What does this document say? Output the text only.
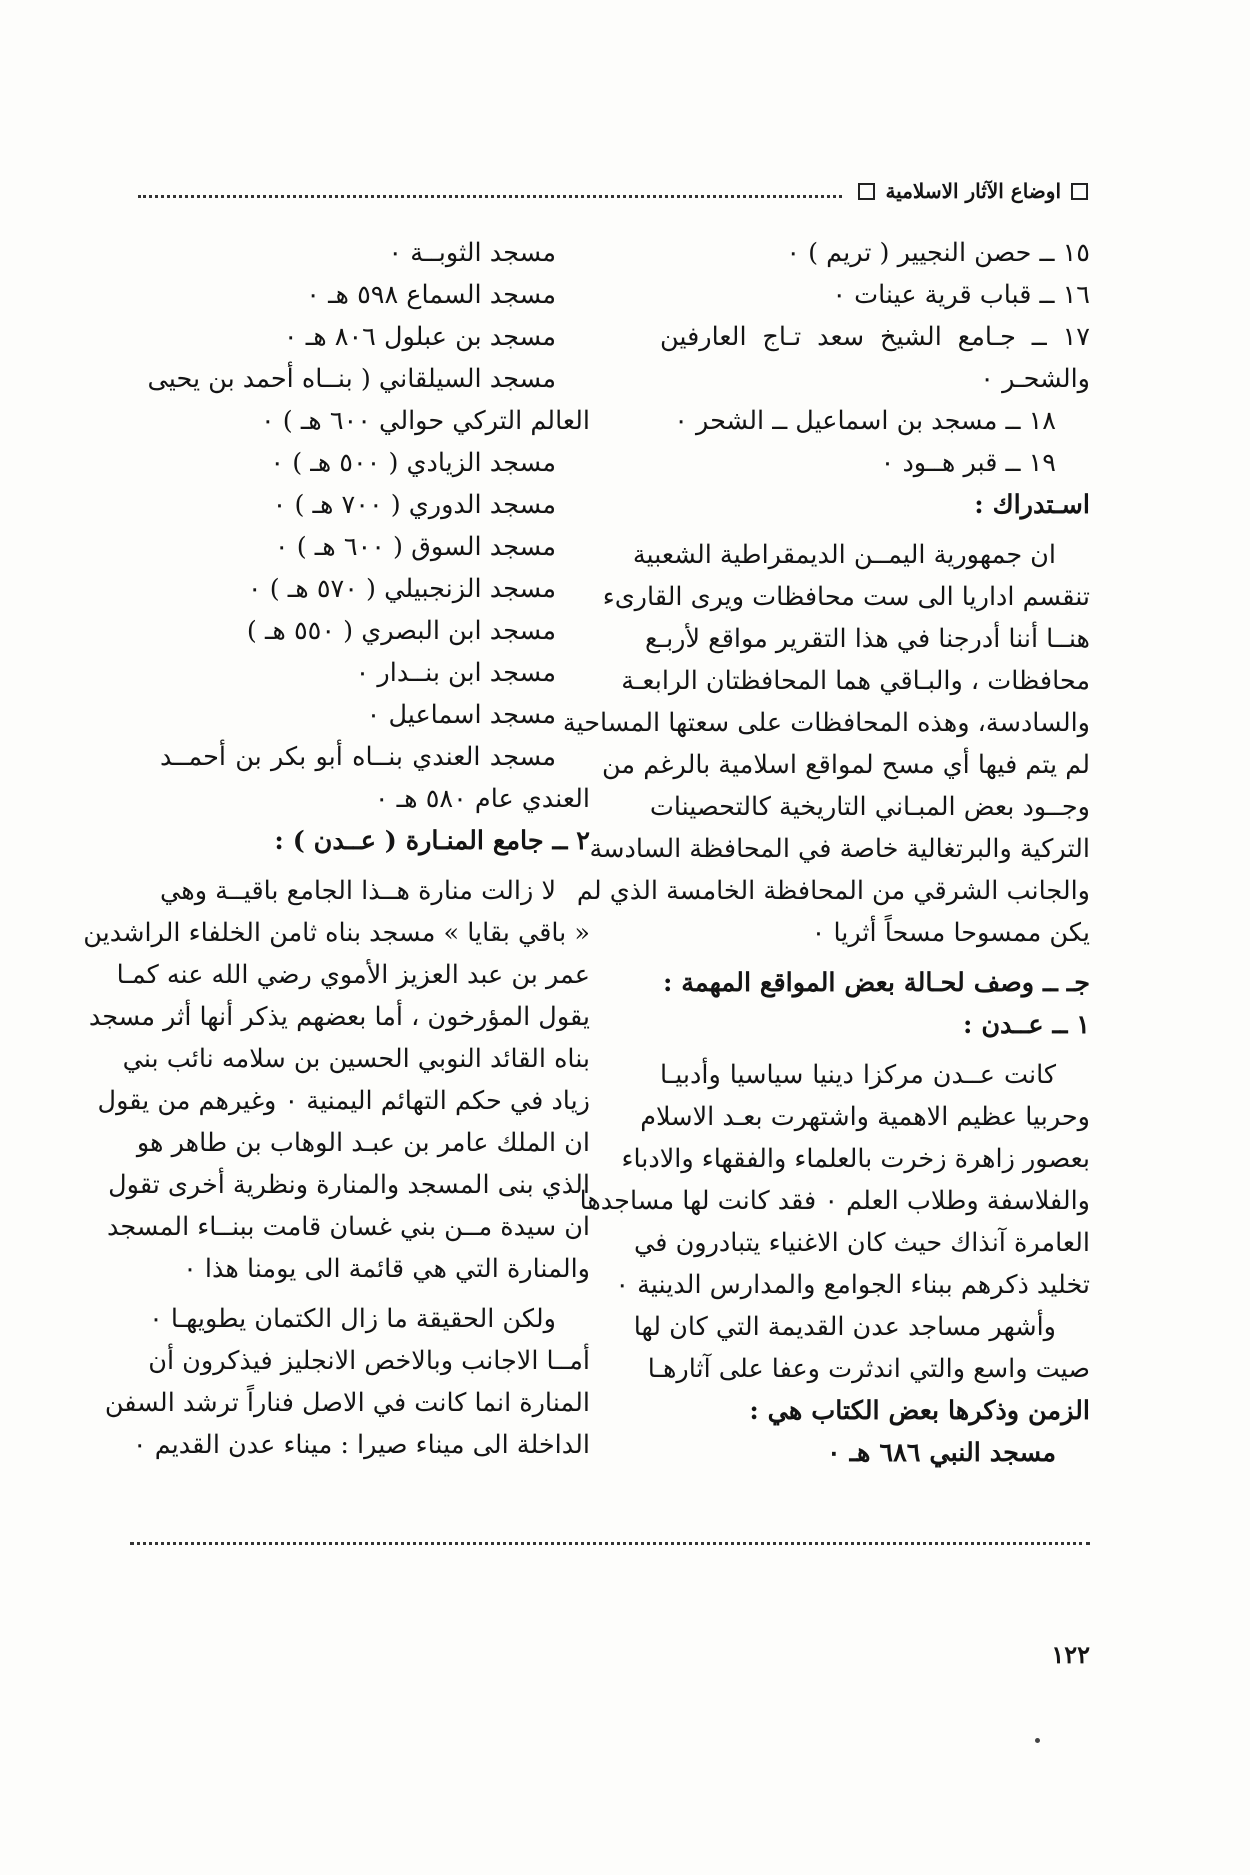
اوضاع الآثار الاسلامية
١٥ ــ حصن النجيير ( تريم ) ٠
١٦ ــ قباب قرية عينات ٠
١٧ ــ جـامع الشيخ سعد تـاج العارفين
والشحـر ٠
١٨ ــ مسجد بن اسماعيل ــ الشحر ٠
١٩ ــ قبر هــود ٠
اسـتدراك :
ان جمهورية اليمــن الديمقراطية الشعبية
تنقسم اداريا الى ست محافظات ويرى القارىء
هنــا أننا أدرجنا في هذا التقرير مواقع لأربـع
محافظات ، والبـاقي هما المحافظتان الرابعـة
والسادسة، وهذه المحافظات على سعتها المساحية
لم يتم فيها أي مسح لمواقع اسلامية بالرغم من
وجــود بعض المبـاني التاريخية كالتحصينات
التركية والبرتغالية خاصة في المحافظة السادسة
والجانب الشرقي من المحافظة الخامسة الذي لم
يكن ممسوحا مسحاً أثريا ٠
جـ ــ وصف لحـالة بعض المواقع المهمة :
١ ــ عــدن :
كانت عــدن مركزا دينيا سياسيا وأدبيـا
وحربيا عظيم الاهمية واشتهرت بعـد الاسلام
بعصور زاهرة زخرت بالعلماء والفقهاء والادباء
والفلاسفة وطلاب العلم ٠ فقد كانت لها مساجدها
العامرة آنذاك حيث كان الاغنياء يتبادرون في
تخليد ذكرهم ببناء الجوامع والمدارس الدينية ٠
وأشهر مساجد عدن القديمة التي كان لها
صيت واسع والتي اندثرت وعفا على آثارهـا
الزمن وذكرها بعض الكتاب هي :
مسجد النبي ٦٨٦ هـ ٠
مسجد الثوبــة ٠
مسجد السماع ٥٩٨ هـ ٠
مسجد بن عبلول ٨٠٦ هـ ٠
مسجد السيلقاني ( بنــاه أحمد بن يحيى
العالم التركي حوالي ٦٠٠ هـ ) ٠
مسجد الزيادي ( ٥٠٠ هـ ) ٠
مسجد الدوري ( ٧٠٠ هـ ) ٠
مسجد السوق ( ٦٠٠ هـ ) ٠
مسجد الزنجبيلي ( ٥٧٠ هـ ) ٠
مسجد ابن البصري ( ٥٥٠ هـ )
مسجد ابن بنــدار ٠
مسجد اسماعيل ٠
مسجد العندي بنــاه أبو بكر بن أحمــد
العندي عام ٥٨٠ هـ ٠
٢ ــ جامع المنـارة ( عــدن ) :
لا زالت منارة هــذا الجامع باقيــة وهي
« باقي بقايا » مسجد بناه ثامن الخلفاء الراشدين
عمر بن عبد العزيز الأموي رضي الله عنه كمـا
يقول المؤرخون ، أما بعضهم يذكر أنها أثر مسجد
بناه القائد النوبي الحسين بن سلامه نائب بني
زياد في حكم التهائم اليمنية ٠ وغيرهم من يقول
ان الملك عامر بن عبـد الوهاب بن طاهر هو
الذي بنى المسجد والمنارة ونظرية أخرى تقول
ان سيدة مــن بني غسان قامت ببنــاء المسجد
والمنارة التي هي قائمة الى يومنا هذا ٠
ولكن الحقيقة ما زال الكتمان يطويهـا ٠
أمــا الاجانب وبالاخص الانجليز فيذكرون أن
المنارة انما كانت في الاصل فناراً ترشد السفن
الداخلة الى ميناء صيرا : ميناء عدن القديم ٠
١٢٢
